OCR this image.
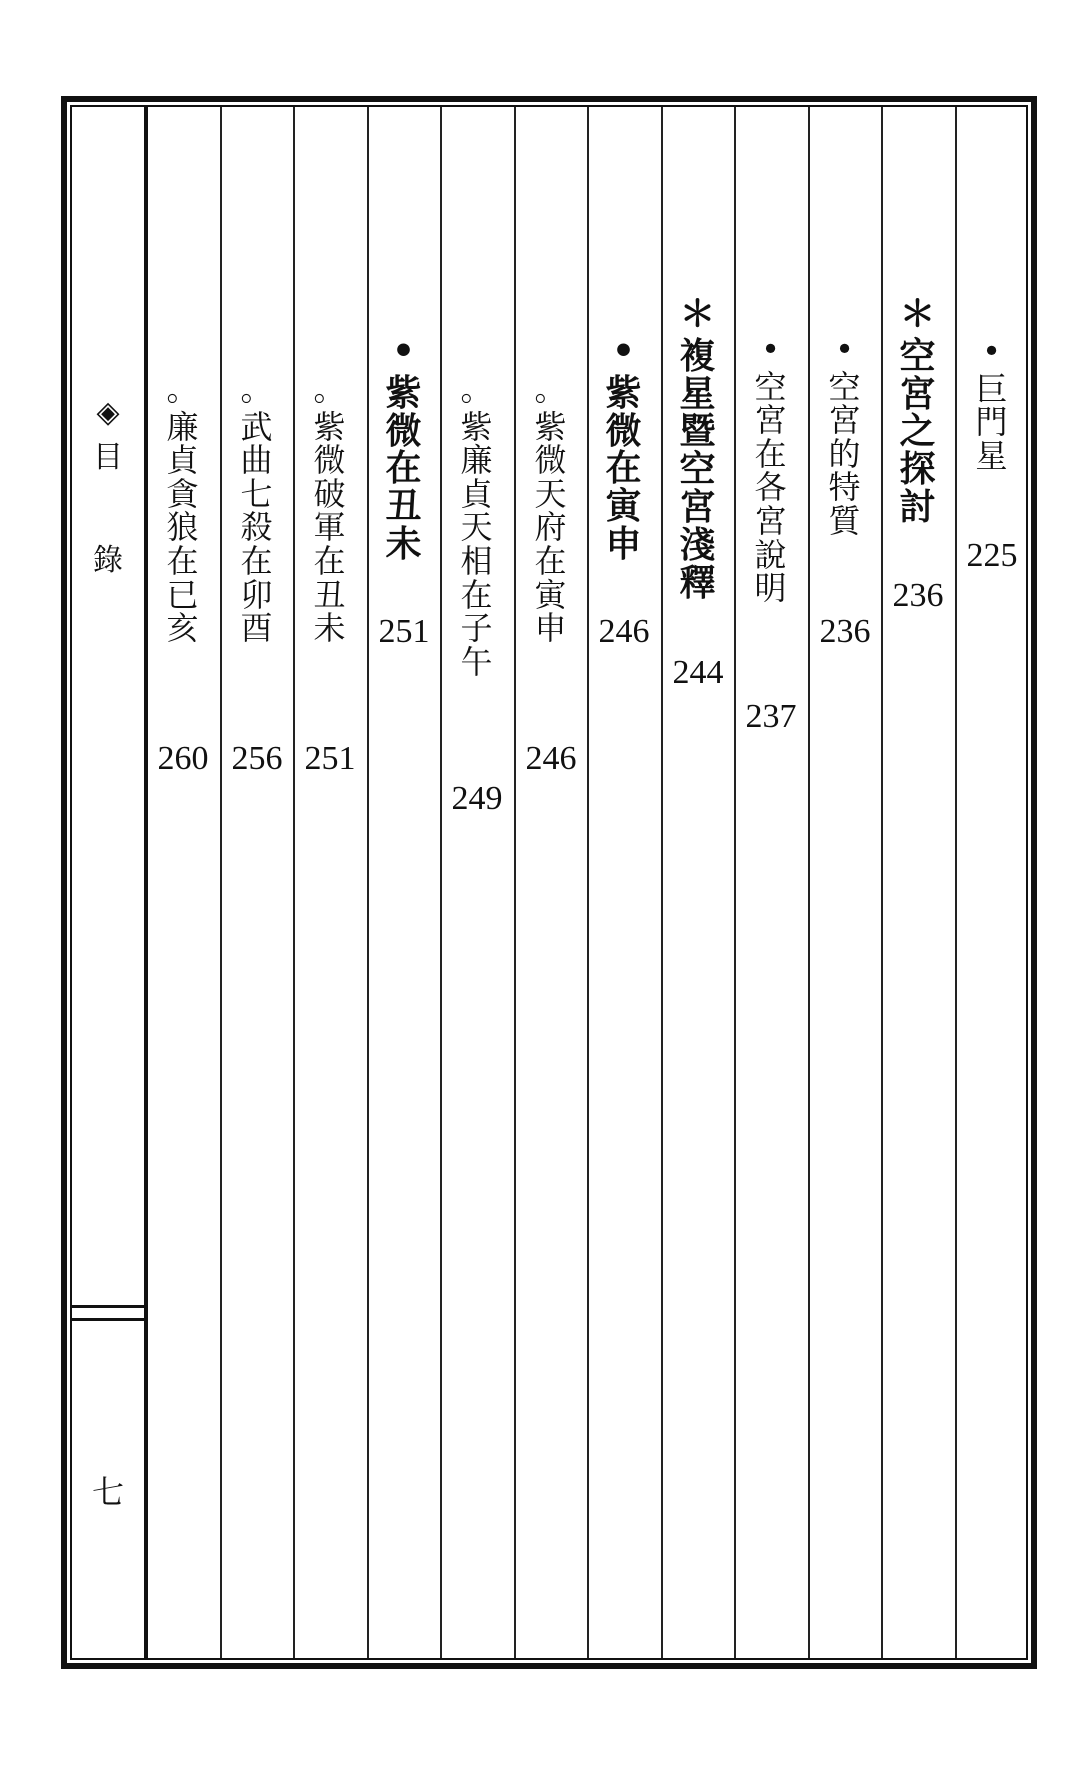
◈
目
錄
七
•
巨
門
星
225
＊
空
宮
之
探
討
236
•
空
宮
的
特
質
236
•
空
宮
在
各
宮
說
明
237
＊
複
星
暨
空
宮
淺
釋
244
•
紫
微
在
寅
申
246
。
紫
微
天
府
在
寅
申
246
。
紫
廉
貞
天
相
在
子
午
249
•
紫
微
在
丑
未
251
。
紫
微
破
軍
在
丑
未
251
。
武
曲
七
殺
在
卯
酉
256
。
廉
貞
貪
狼
在
已
亥
260
